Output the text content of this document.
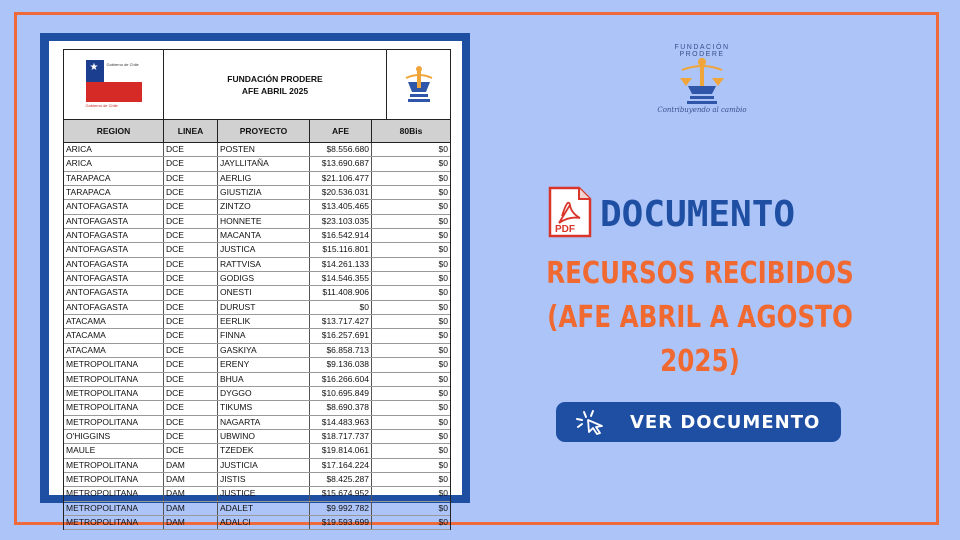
★ Gobierno de Chile
Gobierno de Chile
FUNDACIÓN PRODERE
AFE ABRIL 2025
REGION	LINEA	PROYECTO	AFE	80Bis
ARICA	DCE	POSTEN	$8.556.680	$0
ARICA	DCE	JAYLLITAÑA	$13.690.687	$0
TARAPACA	DCE	AERLIG	$21.106.477	$0
TARAPACA	DCE	GIUSTIZIA	$20.536.031	$0
ANTOFAGASTA	DCE	ZINTZO	$13.405.465	$0
ANTOFAGASTA	DCE	HONNETE	$23.103.035	$0
ANTOFAGASTA	DCE	MACANTA	$16.542.914	$0
ANTOFAGASTA	DCE	JUSTICA	$15.116.801	$0
ANTOFAGASTA	DCE	RATTVISA	$14.261.133	$0
ANTOFAGASTA	DCE	GODIGS	$14.546.355	$0
ANTOFAGASTA	DCE	ONESTI	$11.408.906	$0
ANTOFAGASTA	DCE	DURUST	$0	$0
ATACAMA	DCE	EERLIK	$13.717.427	$0
ATACAMA	DCE	FINNA	$16.257.691	$0
ATACAMA	DCE	GASKIYA	$6.858.713	$0
METROPOLITANA	DCE	ERENY	$9.136.038	$0
METROPOLITANA	DCE	BHUA	$16.266.604	$0
METROPOLITANA	DCE	DYGGO	$10.695.849	$0
METROPOLITANA	DCE	TIKUMS	$8.690.378	$0
METROPOLITANA	DCE	NAGARTA	$14.483.963	$0
O'HIGGINS	DCE	UBWINO	$18.717.737	$0
MAULE	DCE	TZEDEK	$19.814.061	$0
METROPOLITANA	DAM	JUSTICIA	$17.164.224	$0
METROPOLITANA	DAM	JISTIS	$8.425.287	$0
METROPOLITANA	DAM	JUSTICE	$15.674.952	$0
METROPOLITANA	DAM	ADALET	$9.992.782	$0
METROPOLITANA	DAM	ADALCI	$19.593.699	$0
FUNDACIÓN PRODERE
Contribuyendo al cambio
PDF DOCUMENTO
RECURSOS RECIBIDOS
(AFE ABRIL A AGOSTO 2025)
VER DOCUMENTO
